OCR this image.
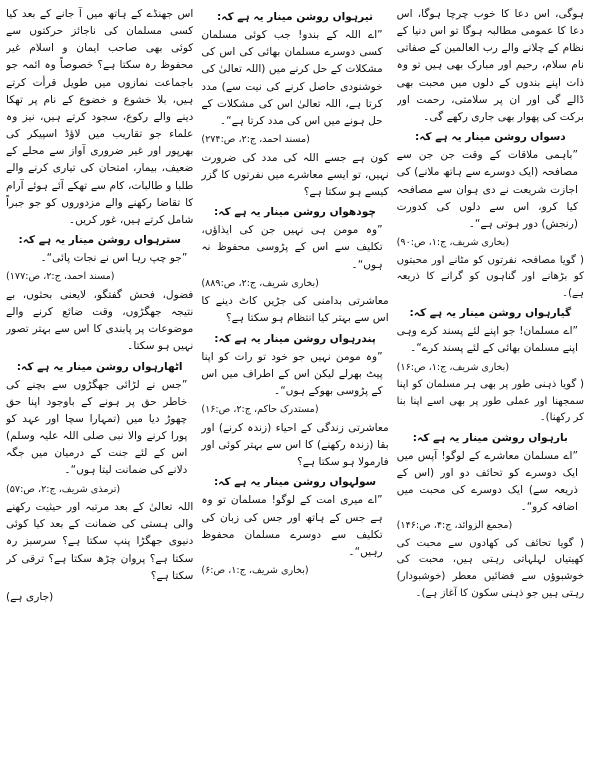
ہوگی، اس دعا کا خوب چرچا ہوگا، اس دعا کا عمومی مطالبہ ہوگا تو اس دنیا کے نظام کے چلانے والے رب العالمین کے صفاتی نام سلام، رحیم اور مبارک بھی ہیں تو وہ ذات اپنے بندوں کے دلوں میں محبت بھی ڈالے گی اور ان پر سلامتی، رحمت اور برکت کی پھوار بھی جاری رکھے گی۔

دسواں روشن مینار یہ ہے کہ:

”باہمی ملاقات کے وقت جن جن سے مصافحہ (ایک دوسرے سے ہاتھ ملانے) کی اجازت شریعت نے دی ہوان سے مصافحہ کیا کرو، اس سے دلوں کی کدورت (رنجش) دور ہوتی ہے“۔

(بخاری شریف، ج:۱، ص:۹۰)

( گویا مصافحہ نفرتوں کو مٹانے اور محبتوں کو بڑھانے اور گناہوں کو گرانے کا ذریعہ ہے)۔

گیارہواں روشن مینار یہ ہے کہ:

”اے مسلمان! جو اپنے لئے پسند کرے وہی اپنے مسلمان بھائی کے لئے پسند کرے“۔

(بخاری شریف، ج:۱، ص:۱۶)

( گویا ذہنی طور پر بھی ہر مسلمان کو اپنا سمجھنا اور عملی طور پر بھی اسے اپنا بنا کر رکھنا)۔

بارہواں روشن مینار یہ ہے کہ:

”اے مسلمان معاشرے کے لوگو! آپس میں ایک دوسرے کو تحائف دو اور (اس کے ذریعہ سے) ایک دوسرے کی محبت میں اضافہ کرو“۔

(مجمع الزوائد، ج:۴، ص:۱۴۶)

( گویا تحائف کی کھادوں سے محبت کی کھیتیاں لہلہاتی رہتی ہیں، محبت کی خوشبوؤں سے فضائیں معطر (خوشبودار) رہتی ہیں جو ذہنی سکون کا آغاز ہے)۔

تیرہواں روشن مینار یہ ہے کہ:

”اے اللہ کے بندو! جب کوئی مسلمان کسی دوسرے مسلمان بھائی کی اس کی مشکلات کے حل کرنے میں (اللہ تعالیٰ کی خوشنودی حاصل کرنے کی نیت سے) مدد کرتا ہے، اللہ تعالیٰ اس کی مشکلات کے حل ہونے میں اس کی مدد کرتا ہے“۔

(مسند احمد، ج:۲، ص:۲۷۴)

کون ہے جسے اللہ کی مدد کی ضرورت نہیں، تو ایسے معاشرے میں نفرتوں کا گزر کیسے ہو سکتا ہے؟

چودھواں روشن مینار یہ ہے کہ:

”وہ مومن ہی نہیں جن کی ایذاؤں، تکلیف سے اس کے پڑوسی محفوظ نہ ہوں“۔

(بخاری شریف، ج:۲، ص:۸۸۹)

معاشرتی بدامنی کی جڑیں کاٹ دینے کا اس سے بہتر کیا انتظام ہو سکتا ہے؟

پندرہواں روشن مینار یہ ہے کہ:

”وہ مومن نہیں جو خود تو رات کو اپنا پیٹ بھرلے لیکن اس کے اطراف میں اس کے پڑوسی بھوکے ہوں“۔

(مستدرک حاکم، ج:۲، ص:۱۶)

معاشرتی زندگی کے احیاء (زندہ کرنے) اور بقا (زندہ رکھنے) کا اس سے بہتر کوئی اور فارمولا ہو سکتا ہے؟

سولہواں روشن مینار یہ ہے کہ:

”اے میری امت کے لوگو! مسلمان تو وہ ہے جس کے ہاتھ اور جس کی زبان کی تکلیف سے دوسرے مسلمان محفوظ رہیں“۔

(بخاری شریف، ج:۱، ص:۶)

اس جھنڈے کے ہاتھ میں آ جانے کے بعد کیا کسی مسلمان کی ناجائز حرکتوں سے کوئی بھی صاحب ایمان و اسلام غیر محفوظ رہ سکتا ہے؟ خصوصاً وہ ائمہ جو باجماعت نمازوں میں طویل قرأت کرتے ہیں، بلا خشوع و خضوع کے نام پر تھکا دینے والے رکوع، سجود کرتے ہیں، نیز وہ علماء جو تقاریب میں لاؤڈ اسپیکر کی بھرپور اور غیر ضروری آواز سے محلے کے ضعیف، بیمار، امتحان کی تیاری کرنے والے طلبا و طالبات، کام سے تھکے آئے ہوئے آرام کا تقاضا رکھنے والے مزدوروں کو جو جبراً شامل کرتے ہیں، غور کریں۔

سترہواں روشن مینار یہ ہے کہ:

”جو چپ رہا اس نے نجات پائی“۔

(مسند احمد، ج:۲، ص:۱۷۷)

فضول، فحش گفتگو، لایعنی بحثوں، بے نتیجہ جھگڑوں، وقت ضائع کرنے والے موضوعات پر پابندی کا اس سے بہتر تصور نہیں ہو سکتا۔

اٹھارہواں روشن مینار یہ ہے کہ:

”جس نے لڑائی جھگڑوں سے بچنے کی خاطر حق پر ہونے کے باوجود اپنا حق چھوڑ دیا میں (تمہارا سچا اور عہد کو پورا کرنے والا نبی صلی اللہ علیہ وسلم) اس کے لئے جنت کے درمیان میں جگہ دلانے کی ضمانت لیتا ہوں“۔

(ترمذی شریف، ج:۲، ص:۵۷)

اللہ تعالیٰ کے بعد مرتبہ اور حیثیت رکھنے والی ہستی کی ضمانت کے بعد کیا کوئی دنیوی جھگڑا پنپ سکتا ہے؟ سرسبز رہ سکتا ہے؟ پروان چڑھ سکتا ہے؟ ترقی کر سکتا ہے؟

(جاری ہے)
